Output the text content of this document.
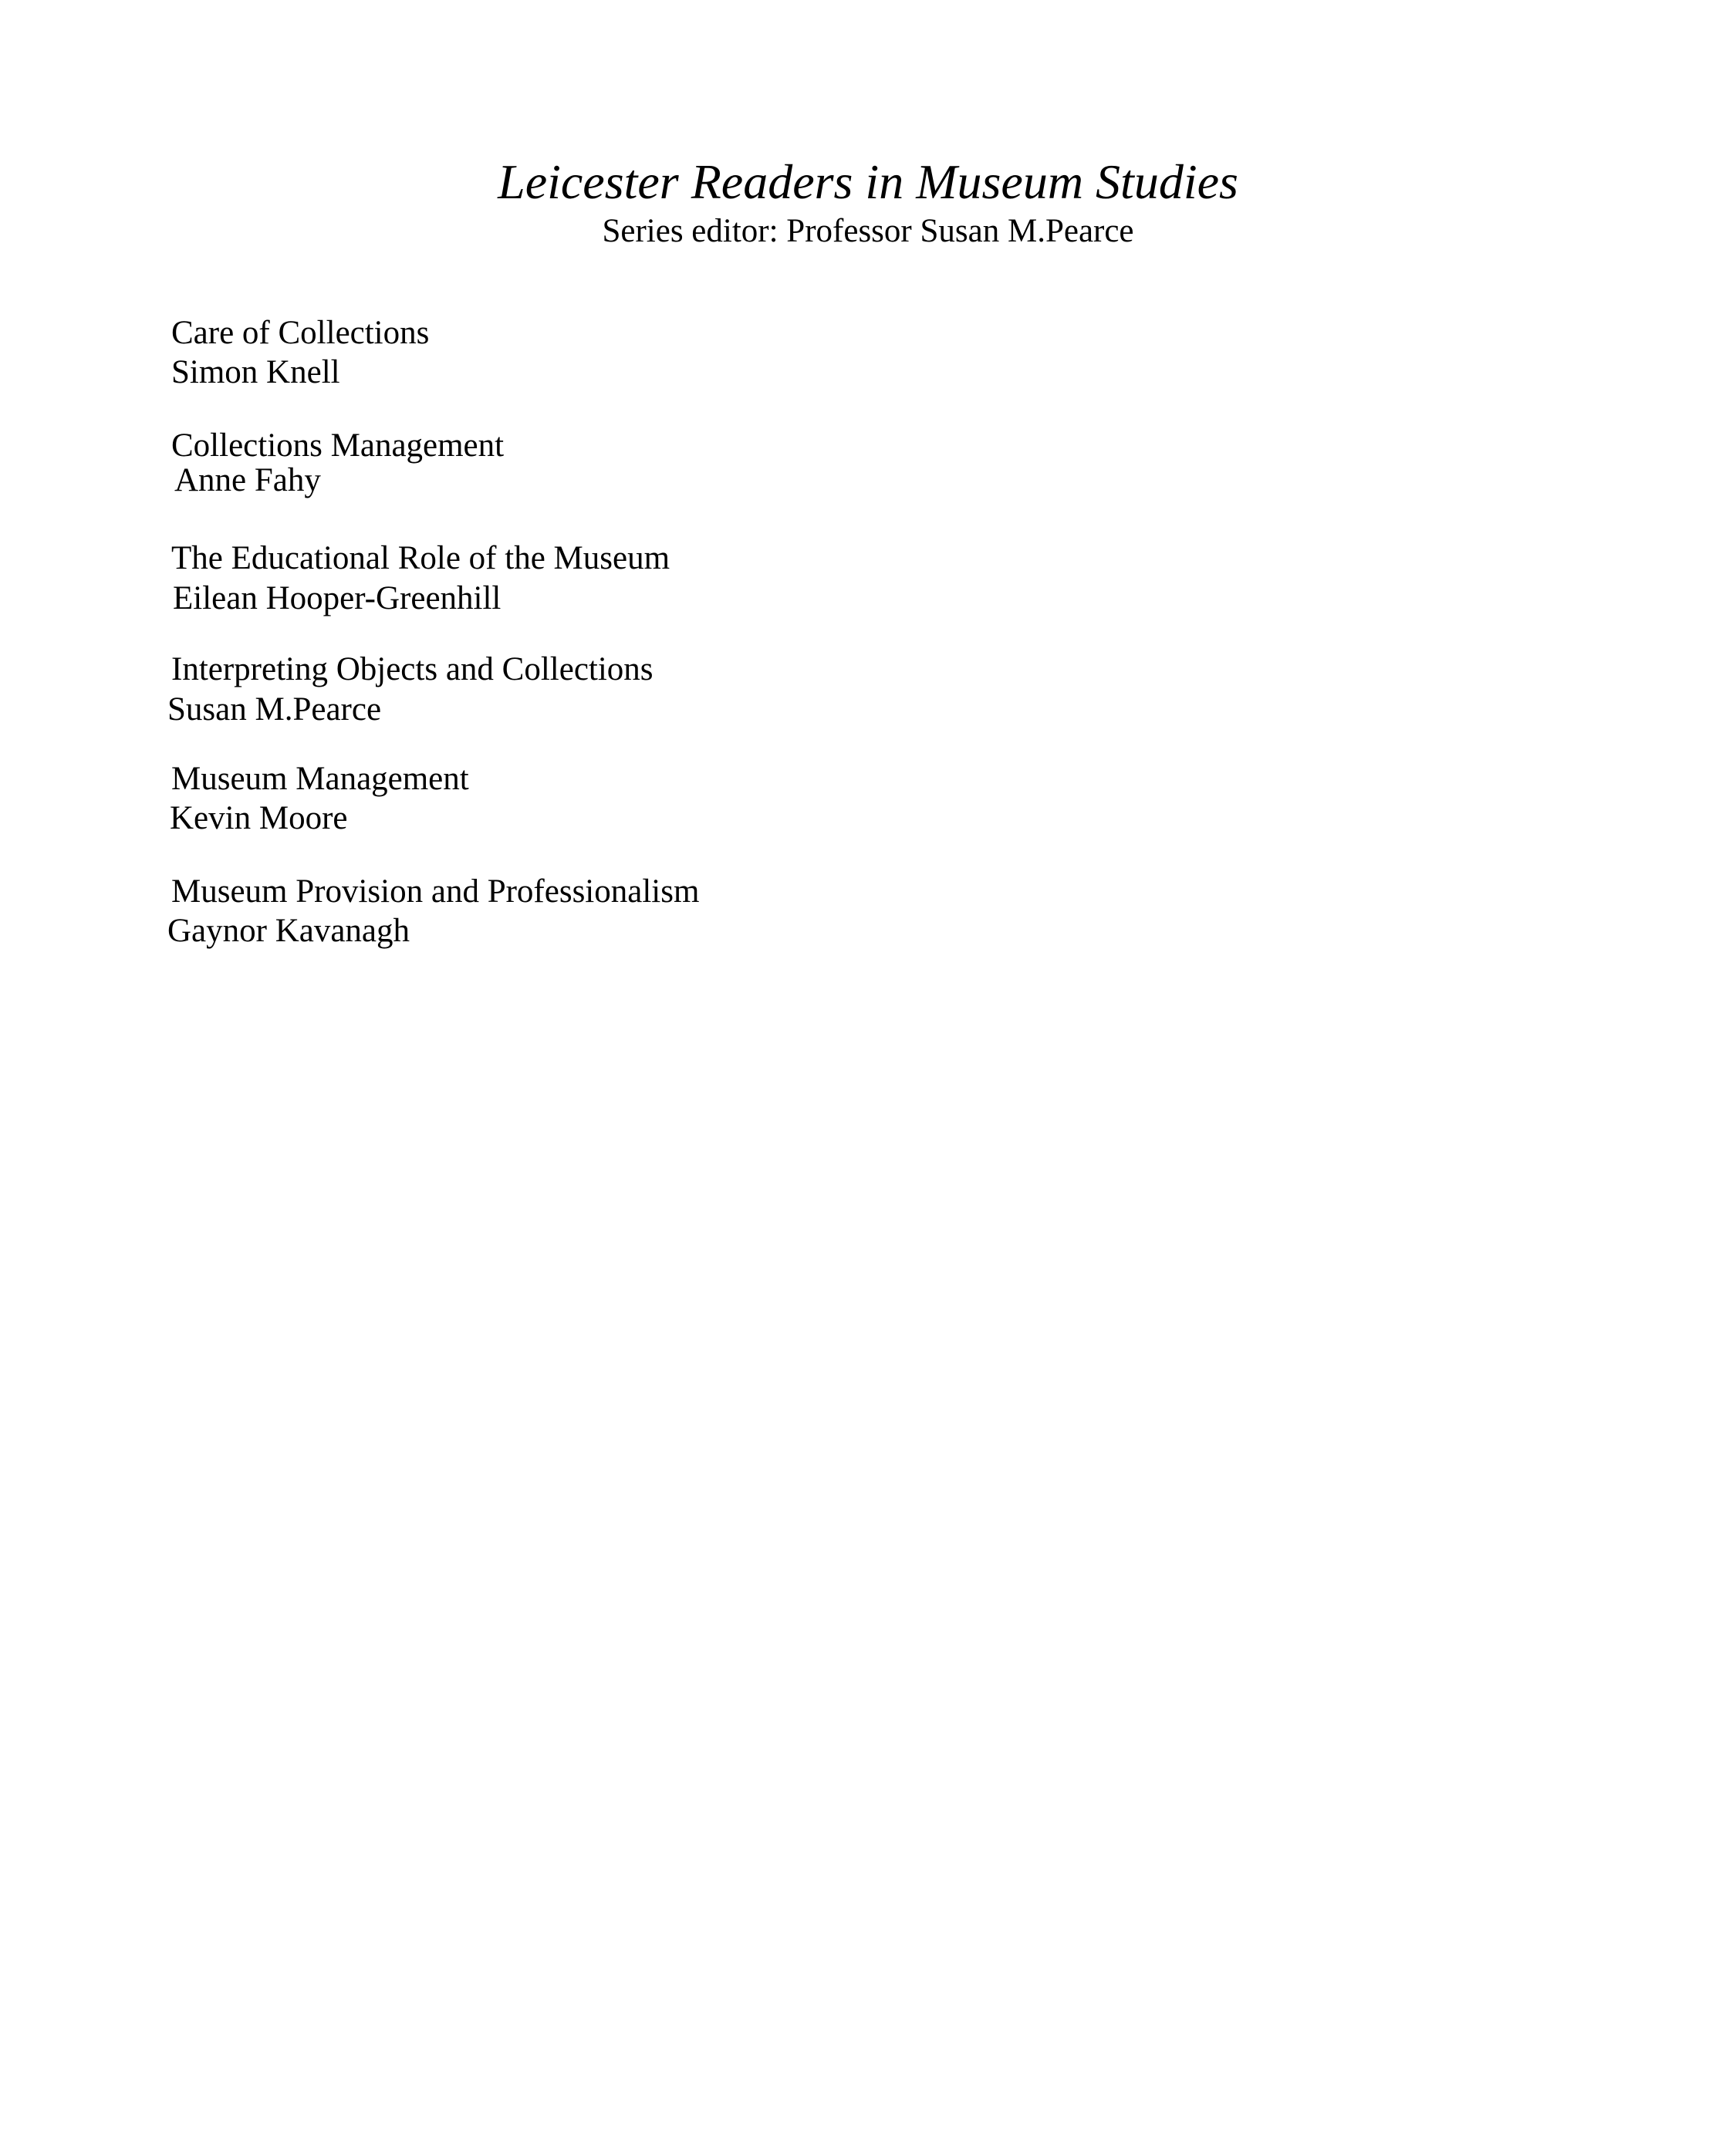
Leicester Readers in Museum Studies
Series editor: Professor Susan M.Pearce
Care of Collections
Simon Knell
Collections Management
Anne Fahy
The Educational Role of the Museum
Eilean Hooper-Greenhill
Interpreting Objects and Collections
Susan M.Pearce
Museum Management
Kevin Moore
Museum Provision and Professionalism
Gaynor Kavanagh
